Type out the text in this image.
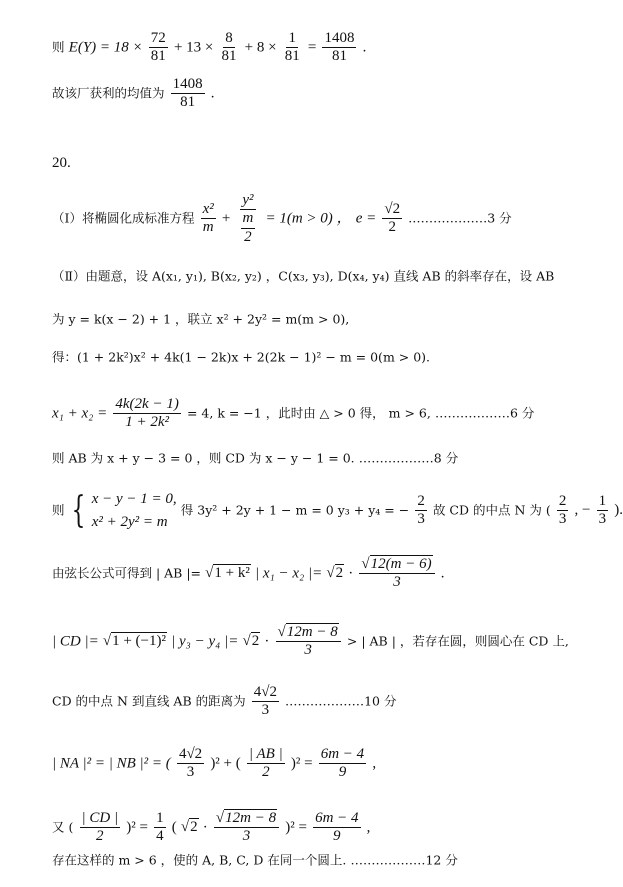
则 $E(Y) = 18 \times \frac{72}{81} + 13 \times \frac{8}{81} + 8 \times \frac{1}{81} = \frac{1408}{81}$ .
故该厂获利的均值为 $\frac{1408}{81}$ .
20.
（Ⅰ）将椭圆化成标准方程 $\frac{\text{x²}}{m} + \frac{\text{y²}}{\frac{m}{2}} = 1(m > 0)$ ， $e = \frac{√2}{2}$ .………………3 分
（Ⅱ）由题意，设 A(x₁, y₁), B(x₂, y₂) ，C(x₃, y₃), D(x₄, y₄) 直线 AB 的斜率存在，设 AB
为 y = k(x − 2) + 1 ，联立 x² + 2y² = m(m > 0),
得：(1 + 2k²)x² + 4k(1 − 2k)x + 2(2k − 1)² − m = 0(m > 0).
$x_1 + x_2 = \frac{4k(2k - 1)}{\text{1 + 2k²}} = 4$, k = −1 ，此时由 △ > 0 得， m > 6, ………………6 分
则 AB 为 x + y − 3 = 0 ，则 CD 为 x − y − 1 = 0. ………………8 分
则 { x − y − 1 = 0,
x² + 2y² = m
得 3y² + 2y + 1 − m = 0 y₃ + y₄ = − $\frac{2}{3}$ 故 CD 的中点 N 为 ( $\frac{2}{3}$ , − $\frac{1}{3}$ ).
由弦长公式可得到 | AB |= √1 + k² | x₁ − x₂ |= $√2 \cdot \frac{√12(m - 6)}{3}$ .
| CD |= √1 + (−1)² | y₃ − y₄ |= $√2 \cdot \frac{√12m - 8}{3}$ > | AB | ，若存在圆，则圆心在 CD 上,
CD 的中点 N 到直线 AB 的距离为 $\frac{4√2}{3}$ .………………10 分
| NA |² = | NB |² = ( $\frac{4√2}{3} )^2$ + ( $\frac{| AB |}{2} )^2 = \frac{6m - 4}{9}$ ,
又 ( $\frac{| CD |}{2} )^2 = \frac{1}{4}$ ( $√2 \cdot \frac{√12m - 8}{3} )^2 = \frac{6m - 4}{9}$ ,
存在这样的 m > 6 ，使的 A, B, C, D 在同一个圆上. ………………12 分
